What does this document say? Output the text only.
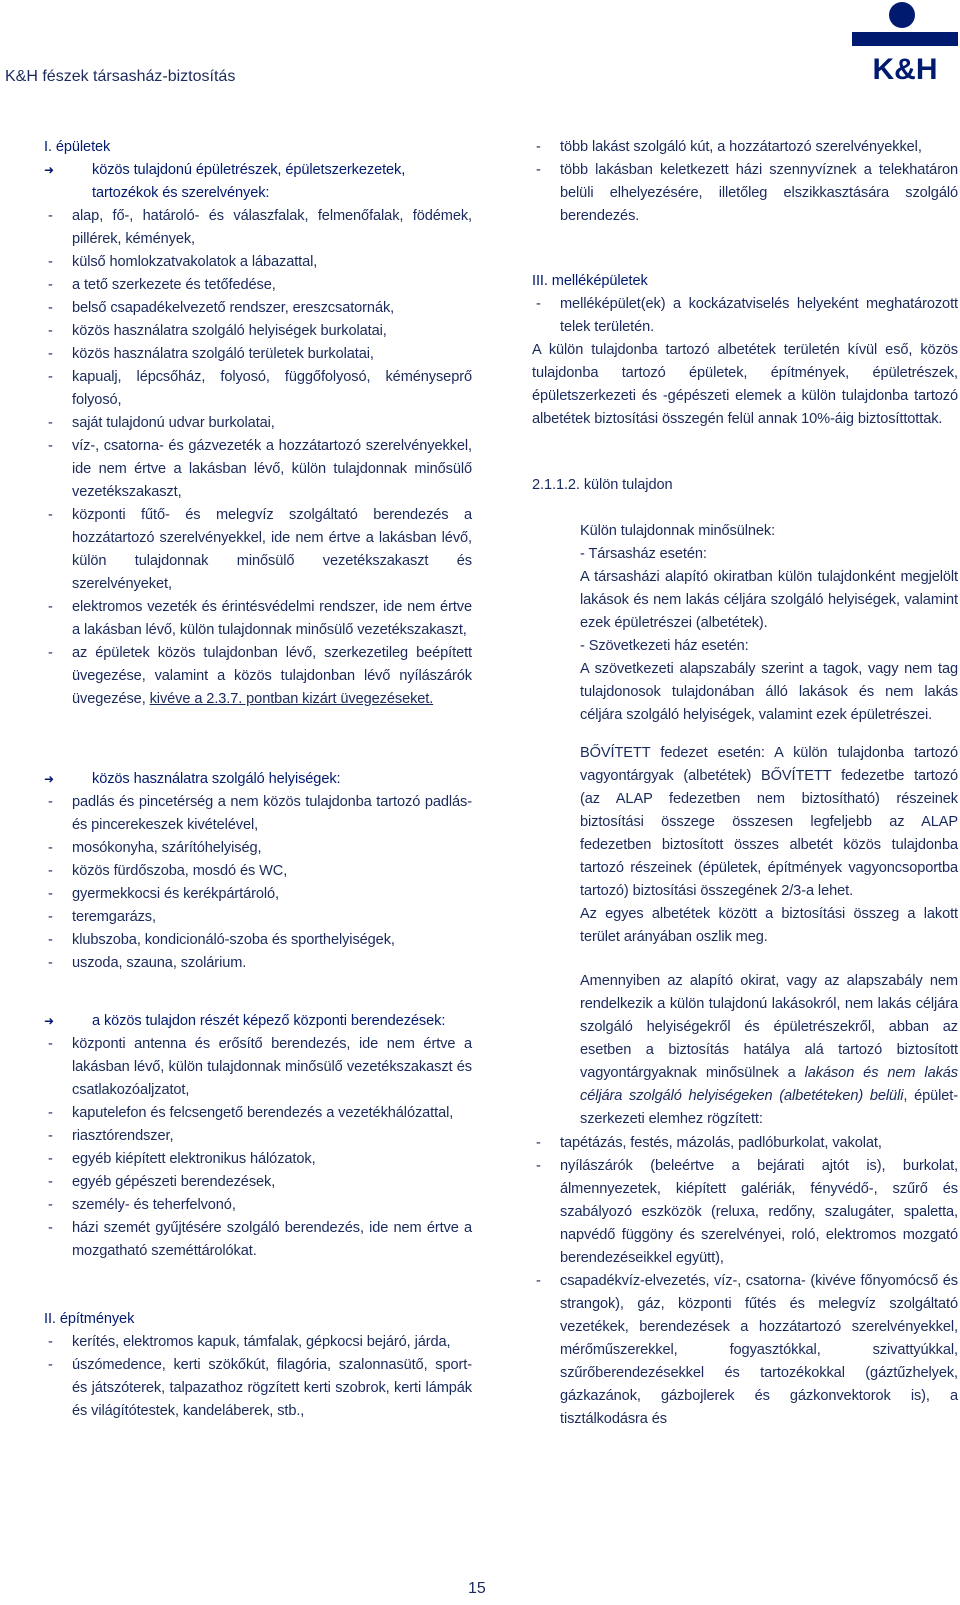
K&H fészek társasház-biztosítás	K&H
I. épületek
➜	közös tulajdonú épületrészek, épületszerkezetek, tartozékok és szerelvények:
- alap, fő-, határoló- és válaszfalak, felmenőfalak, födémek, pillérek, kémények,
- külső homlokzatvakolatok a lábazattal,
- a tető szerkezete és tetőfedése,
- belső csapadékelvezető rendszer, ereszcsatornák,
- közös használatra szolgáló helyiségek burkolatai,
- közös használatra szolgáló területek burkolatai,
- kapualj, lépcsőház, folyosó, függőfolyosó, kéményseprő folyosó,
- saját tulajdonú udvar burkolatai,
- víz-, csatorna- és gázvezeték a hozzátartozó szerelvényekkel, ide nem értve a lakásban lévő, külön tulajdonnak minősülő vezetékszakaszt,
- központi fűtő- és melegvíz szolgáltató berendezés a hozzátartozó szerelvényekkel, ide nem értve a lakásban lévő, külön tulajdonnak minősülő vezetékszakaszt és szerelvényeket,
- elektromos vezeték és érintésvédelmi rendszer, ide nem értve a lakásban lévő, külön tulajdonnak minősülő vezetékszakaszt,
- az épületek közös tulajdonban lévő, szerkezetileg beépített üvegezése, valamint a közös tulajdonban lévő nyílászárók üvegezése, kivéve a 2.3.7. pontban kizárt üvegezéseket.
➜	közös használatra szolgáló helyiségek:
- padlás és pincetérség a nem közös tulajdonba tartozó padlás- és pincerekeszek kivételével,
- mosókonyha, szárítóhelyiség,
- közös fürdőszoba, mosdó és WC,
- gyermekkocsi és kerékpártároló,
- teremgarázs,
- klubszoba, kondicionáló-szoba és sporthelyiségek,
- uszoda, szauna, szolárium.
➜	a közös tulajdon részét képező központi berendezések:
- központi antenna és erősítő berendezés, ide nem értve a lakásban lévő, külön tulajdonnak minősülő vezetékszakaszt és csatlakozóaljzatot,
- kaputelefon és felcsengető berendezés a vezetékhálózattal,
- riasztórendszer,
- egyéb kiépített elektronikus hálózatok,
- egyéb gépészeti berendezések,
- személy- és teherfelvonó,
- házi szemét gyűjtésére szolgáló berendezés, ide nem értve a mozgatható szeméttárolókat.
II. építmények
- kerítés, elektromos kapuk, támfalak, gépkocsi bejáró, járda,
- úszómedence, kerti szökőkút, filagória, szalonnasütő, sport- és játszóterek, talpazathoz rögzített kerti szobrok, kerti lámpák és világítótestek, kandeláberek, stb.,
- több lakást szolgáló kút, a hozzátartozó szerelvényekkel,
- több lakásban keletkezett házi szennyvíznek a telekhatáron belüli elhelyezésére, illetőleg elszikkasztására szolgáló berendezés.
III. melléképületek
- melléképület(ek) a kockázatviselés helyeként meghatározott telek területén.
A külön tulajdonba tartozó albetétek területén kívül eső, közös tulajdonba tartozó épületek, építmények, épületrészek, épületszerkezeti és -gépészeti elemek a külön tulajdonba tartozó albetétek biztosítási összegén felül annak 10%-áig biztosíttottak.
2.1.1.2. külön tulajdon
Külön tulajdonnak minősülnek:
- Társasház esetén:
A társasházi alapító okiratban külön tulajdonként megjelölt lakások és nem lakás céljára szolgáló helyiségek, valamint ezek épületrészei (albetétek).
- Szövetkezeti ház esetén:
A szövetkezeti alapszabály szerint a tagok, vagy nem tag tulajdonosok tulajdonában álló lakások és nem lakás céljára szolgáló helyiségek, valamint ezek épületrészei.
BŐVÍTETT fedezet esetén: A külön tulajdonba tartozó vagyontárgyak (albetétek) BŐVÍTETT fedezetbe tartozó (az ALAP fedezetben nem biztosítható) részeinek biztosítási összege összesen legfeljebb az ALAP fedezetben biztosított összes albetét közös tulajdonba tartozó részeinek (épületek, építmények vagyoncsoportba tartozó) biztosítási összegének 2/3-a lehet.
Az egyes albetétek között a biztosítási összeg a lakott terület arányában oszlik meg.
Amennyiben az alapító okirat, vagy az alapszabály nem rendelkezik a külön tulajdonú lakásokról, nem lakás céljára szolgáló helyiségekről és épületrészekről, abban az esetben a biztosítás hatálya alá tartozó biztosított vagyontárgyaknak minősülnek a lakáson és nem lakás céljára szolgáló helyiségeken (albetéteken) belüli, épület-szerkezeti elemhez rögzített:
- tapétázás, festés, mázolás, padlóburkolat, vakolat,
- nyílászárók (beleértve a bejárati ajtót is), burkolat, álmennyezetek, kiépített galériák, fényvédő-, szűrő és szabályozó eszközök (reluxa, redőny, szalugáter, spaletta, napvédő függöny és szerelvényei, roló, elektromos mozgató berendezéseikkel együtt),
- csapadékvíz-elvezetés, víz-, csatorna- (kivéve főnyomócső és strangok), gáz, központi fűtés és melegvíz szolgáltató vezetékek, berendezések a hozzátartozó szerelvényekkel, mérőműszerekkel, fogyasztókkal, szivattyúkkal, szűrőberendezésekkel és tartozékokkal (gáztűzhelyek, gázkazánok, gázbojlerek és gázkonvektorok is), a tisztálkodásra és
15
